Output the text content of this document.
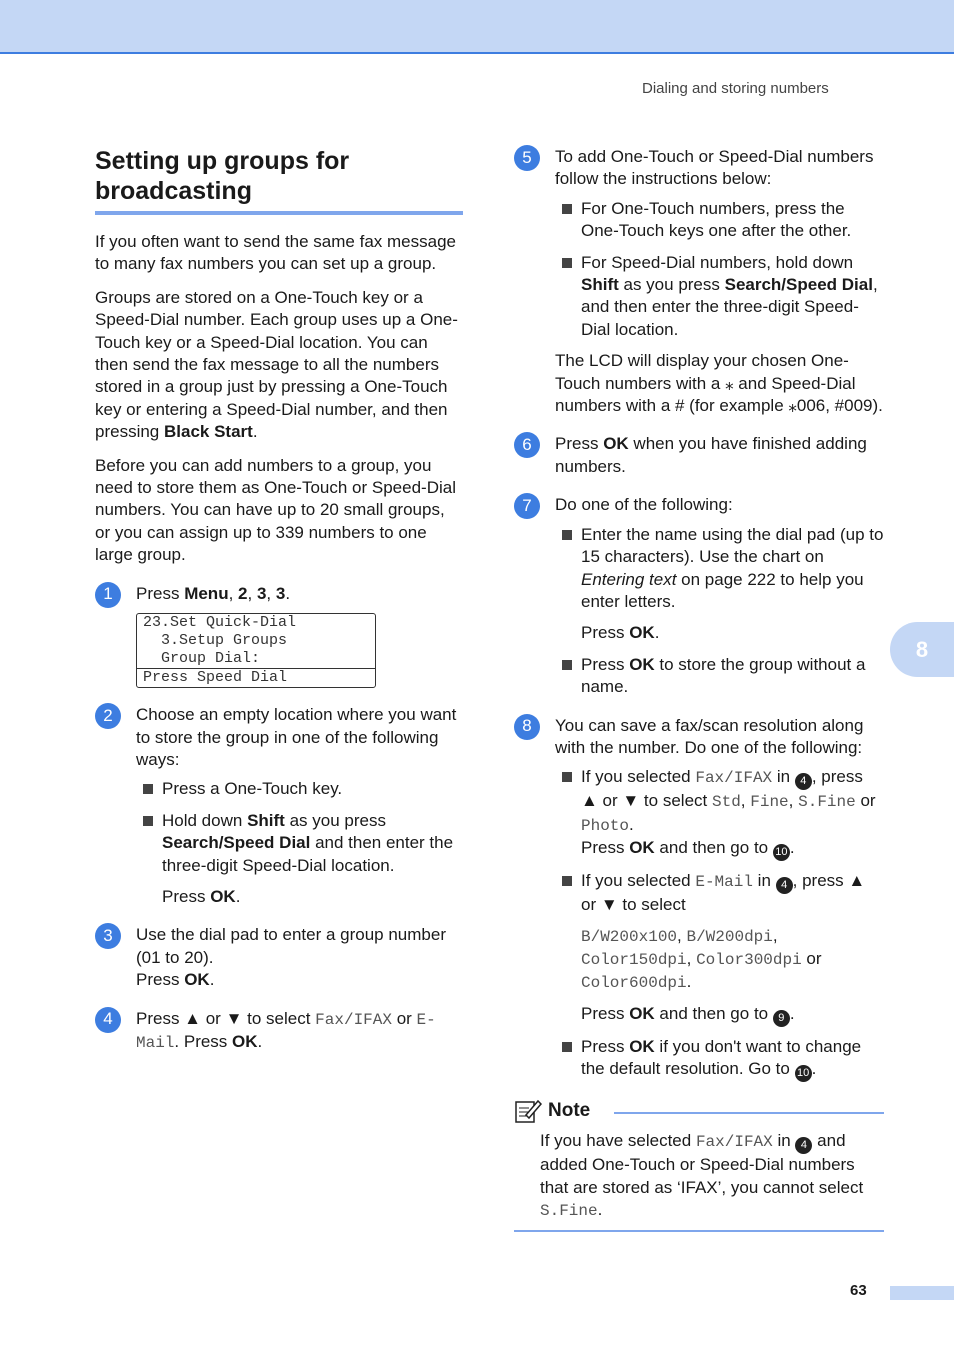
Dialing and storing numbers
8
63
Setting up groups for broadcasting

If you often want to send the same fax message to many fax numbers you can set up a group.

Groups are stored on a One-Touch key or a Speed-Dial number. Each group uses up a One-Touch key or a Speed-Dial location. You can then send the fax message to all the numbers stored in a group just by pressing a One-Touch key or entering a Speed-Dial number, and then pressing Black Start.

Before you can add numbers to a group, you need to store them as One-Touch or Speed-Dial numbers. You can have up to 20 small groups, or you can assign up to 339 numbers to one large group.

1	Press Menu, 2, 3, 3.
23.Set Quick-Dial
3.Setup Groups
Group Dial:
Press Speed Dial
2	Choose an empty location where you want to store the group in one of the following ways:
Press a One-Touch key.
Hold down Shift as you press Search/Speed Dial and then enter the three-digit Speed-Dial location.
Press OK.
3	Use the dial pad to enter a group number (01 to 20).
Press OK.
4	Press ▲ or ▼ to select Fax/IFAX or E-Mail. Press OK.
5	To add One-Touch or Speed-Dial numbers follow the instructions below:
For One-Touch numbers, press the One-Touch keys one after the other.
For Speed-Dial numbers, hold down Shift as you press Search/Speed Dial, and then enter the three-digit Speed-Dial location.
The LCD will display your chosen One-Touch numbers with a ⁎ and Speed-Dial numbers with a # (for example ⁎006, #009).
6	Press OK when you have finished adding numbers.
7	Do one of the following:
Enter the name using the dial pad (up to 15 characters). Use the chart on Entering text on page 222 to help you enter letters.
Press OK.
Press OK to store the group without a name.
8	You can save a fax/scan resolution along with the number. Do one of the following:
If you selected Fax/IFAX in 4 , press ▲ or ▼ to select Std, Fine, S.Fine or Photo.
Press OK and then go to 10 .
If you selected E-Mail in 4 , press ▲ or ▼ to select

B/W200x100, B/W200dpi, Color150dpi, Color300dpi or Color600dpi.
Press OK and then go to 9 .
Press OK if you don't want to change the default resolution. Go to 10 .
Note
If you have selected Fax/IFAX in 4 and added One-Touch or Speed-Dial numbers that are stored as ‘IFAX’, you cannot select S.Fine.
